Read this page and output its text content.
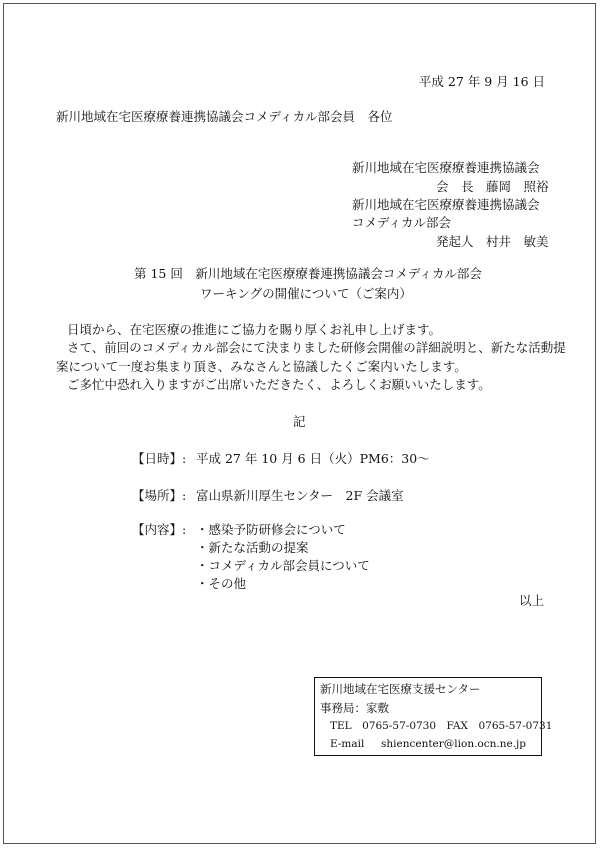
平成 27 年 9 月 16 日
新川地域在宅医療療養連携協議会コメディカル部会員　各位
新川地域在宅医療療養連携協議会
会　長　藤岡　照裕
新川地域在宅医療療養連携協議会
コメディカル部会
発起人　村井　敏美
第 15 回　新川地域在宅医療療養連携協議会コメディカル部会
ワーキングの開催について（ご案内）
日頃から、在宅医療の推進にご協力を賜り厚くお礼申し上げます。
さて、前回のコメディカル部会にて決まりました研修会開催の詳細説明と、新たな活動提
案について一度お集まり頂き、みなさんと協議したくご案内いたします。
ご多忙中恐れ入りますがご出席いただきたく、よろしくお願いいたします。
記
【日時】: 平成 27 年 10 月 6 日（火）PM6：30～
【場所】: 富山県新川厚生センター　2F 会議室
【内容】: ・感染予防研修会について
・新たな活動の提案
・コメディカル部会員について
・その他
以上
新川地域在宅医療支援センター
事務局：家敷
TEL　0765-57-0730　FAX　0765-57-0731
E-mail shiencenter@lion.ocn.ne.jp
